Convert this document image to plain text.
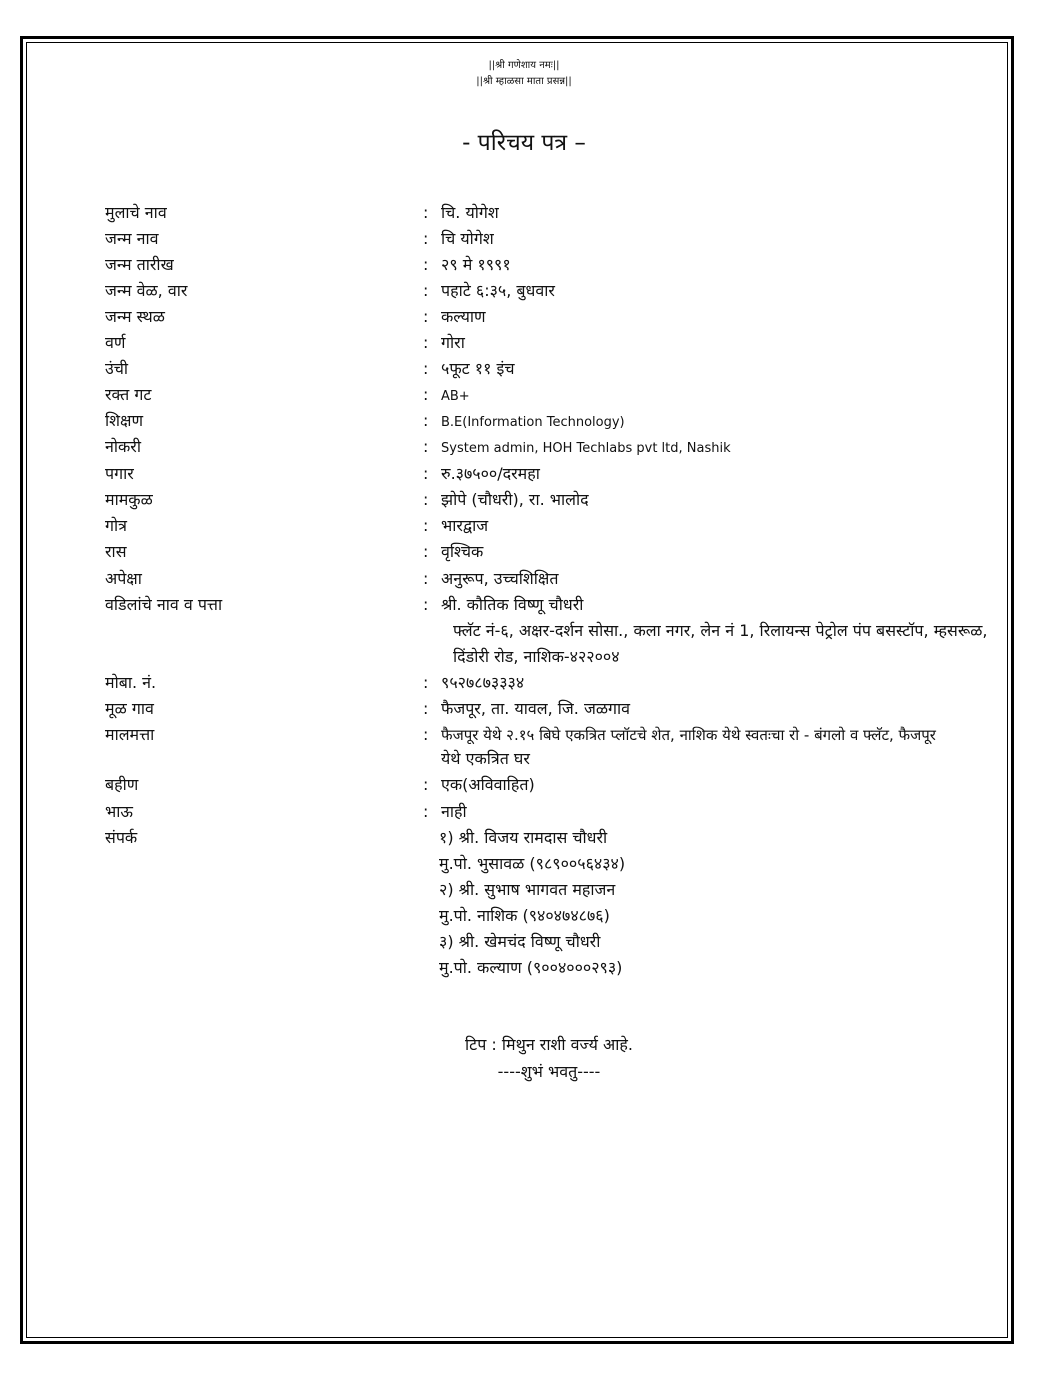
||श्री गणेशाय नमः||
||श्री म्हाळसा माता प्रसन्न||
- परिचय पत्र –
मुलाचे नाव	: चि. योगेश
जन्म नाव	: चि योगेश
जन्म तारीख	: २९ मे १९९१
जन्म वेळ, वार	: पहाटे ६:३५, बुधवार
जन्म स्थळ	: कल्याण
वर्ण	: गोरा
उंची	: ५फूट ११ इंच
रक्त गट	: AB+
शिक्षण	: B.E(Information Technology)
नोकरी	: System admin, HOH Techlabs pvt ltd, Nashik
पगार	: रु.३७५००/दरमहा
मामकुळ	: झोपे (चौधरी), रा. भालोद
गोत्र	: भारद्वाज
रास	: वृश्चिक
अपेक्षा	: अनुरूप, उच्चशिक्षित
वडिलांचे नाव व पत्ता	: श्री. कौतिक विष्णू चौधरी
फ्लॅट नं-६, अक्षर-दर्शन सोसा., कला नगर, लेन नं 1, रिलायन्स पेट्रोल पंप बसस्टॉप, म्हसरूळ,
दिंडोरी रोड, नाशिक-४२२००४
मोबा. नं.	: ९५२७८७३३३४
मूळ गाव	: फैजपूर, ता. यावल, जि. जळगाव
मालमत्ता	: फैजपूर येथे २.१५ बिघे एकत्रित प्लॉटचे शेत, नाशिक येथे स्वतःचा रो - बंगलो व फ्लॅट, फैजपूर
येथे एकत्रित घर
बहीण	: एक(अविवाहित)
भाऊ	: नाही
संपर्क	१) श्री. विजय रामदास चौधरी
मु.पो. भुसावळ (९८९००५६४३४)
२) श्री. सुभाष भागवत महाजन
मु.पो. नाशिक (९४०४७४८७६)
३) श्री. खेमचंद विष्णू चौधरी
मु.पो. कल्याण (९००४०००२९३)
टिप : मिथुन राशी वर्ज्य आहे.
----शुभं भवतु----
